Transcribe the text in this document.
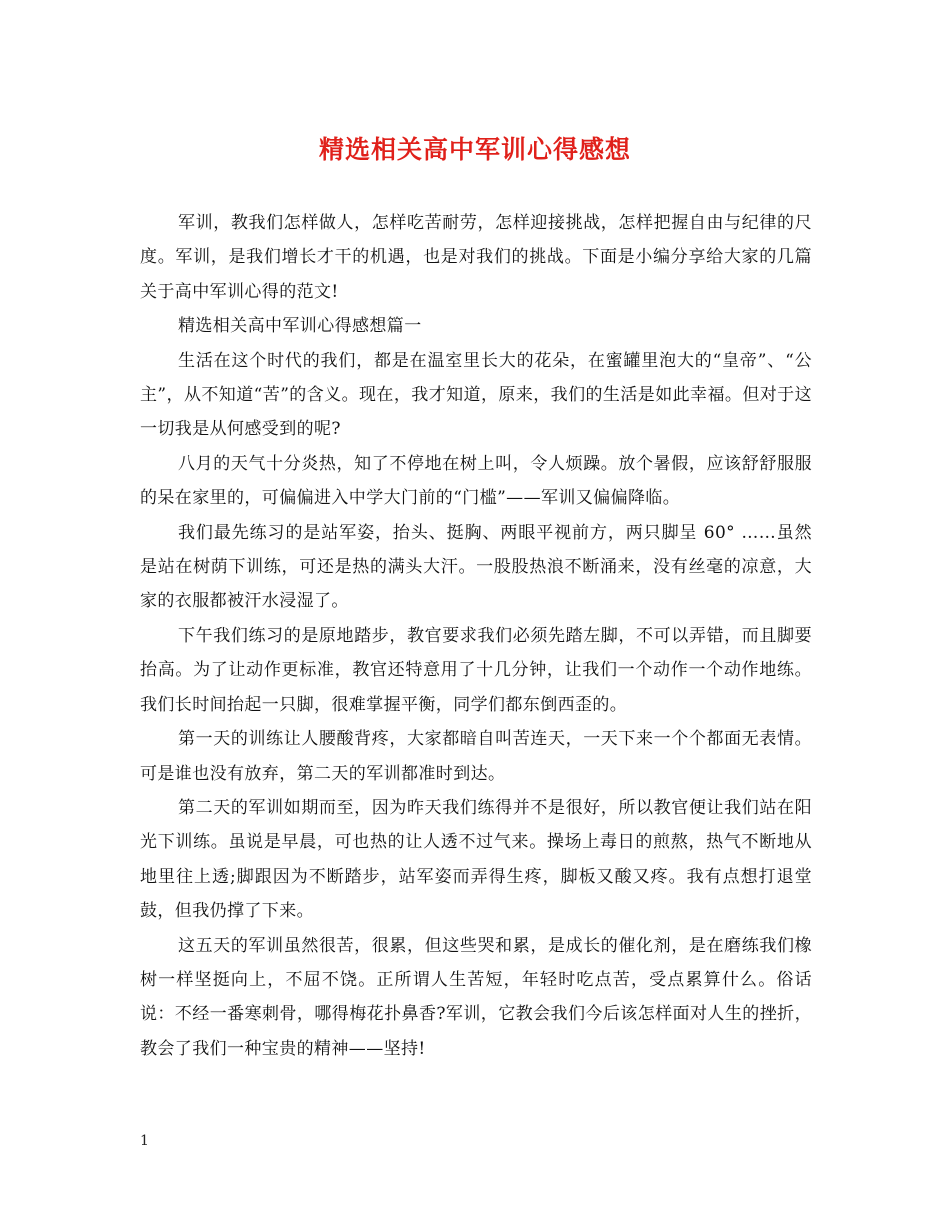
精选相关高中军训心得感想

军训，教我们怎样做人，怎样吃苦耐劳，怎样迎接挑战，怎样把握自由与纪律的尺度。军训，是我们增长才干的机遇，也是对我们的挑战。下面是小编分享给大家的几篇关于高中军训心得的范文!

精选相关高中军训心得感想篇一

生活在这个时代的我们，都是在温室里长大的花朵，在蜜罐里泡大的“皇帝”、“公主”，从不知道“苦”的含义。现在，我才知道，原来，我们的生活是如此幸福。但对于这一切我是从何感受到的呢?

八月的天气十分炎热，知了不停地在树上叫，令人烦躁。放个暑假，应该舒舒服服的呆在家里的，可偏偏进入中学大门前的“门槛”——军训又偏偏降临。

我们最先练习的是站军姿，抬头、挺胸、两眼平视前方，两只脚呈 60° ……虽然是站在树荫下训练，可还是热的满头大汗。一股股热浪不断涌来，没有丝毫的凉意，大家的衣服都被汗水浸湿了。

下午我们练习的是原地踏步，教官要求我们必须先踏左脚，不可以弄错，而且脚要抬高。为了让动作更标准，教官还特意用了十几分钟，让我们一个动作一个动作地练。我们长时间抬起一只脚，很难掌握平衡，同学们都东倒西歪的。

第一天的训练让人腰酸背疼，大家都暗自叫苦连天，一天下来一个个都面无表情。可是谁也没有放弃，第二天的军训都准时到达。

第二天的军训如期而至，因为昨天我们练得并不是很好，所以教官便让我们站在阳光下训练。虽说是早晨，可也热的让人透不过气来。操场上毒日的煎熬，热气不断地从地里往上透;脚跟因为不断踏步，站军姿而弄得生疼，脚板又酸又疼。我有点想打退堂鼓，但我仍撑了下来。

这五天的军训虽然很苦，很累，但这些哭和累，是成长的催化剂，是在磨练我们橡树一样坚挺向上，不屈不饶。正所谓人生苦短，年轻时吃点苦，受点累算什么。俗话说：不经一番寒刺骨，哪得梅花扑鼻香?军训，它教会我们今后该怎样面对人生的挫折，教会了我们一种宝贵的精神——坚持!

1
